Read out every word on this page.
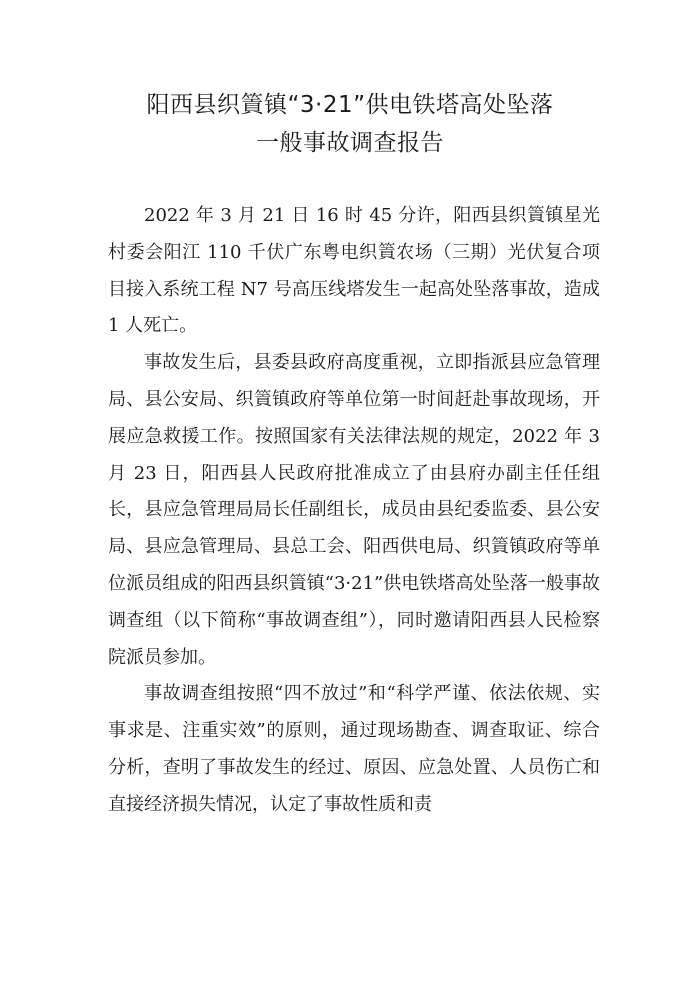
阳西县织篢镇“3·21”供电铁塔高处坠落
一般事故调查报告

2022 年 3 月 21 日 16 时 45 分许，阳西县织篢镇星光村委会阳江 110 千伏广东粤电织篢农场（三期）光伏复合项目接入系统工程 N7 号高压线塔发生一起高处坠落事故，造成 1 人死亡。

事故发生后，县委县政府高度重视，立即指派县应急管理局、县公安局、织篢镇政府等单位第一时间赶赴事故现场，开展应急救援工作。按照国家有关法律法规的规定，2022 年 3 月 23 日，阳西县人民政府批准成立了由县府办副主任任组长，县应急管理局局长任副组长，成员由县纪委监委、县公安局、县应急管理局、县总工会、阳西供电局、织篢镇政府等单位派员组成的阳西县织篢镇“3·21”供电铁塔高处坠落一般事故调查组（以下简称“事故调查组”），同时邀请阳西县人民检察院派员参加。

事故调查组按照“四不放过”和“科学严谨、依法依规、实事求是、注重实效”的原则，通过现场勘查、调查取证、综合分析，查明了事故发生的经过、原因、应急处置、人员伤亡和直接经济损失情况，认定了事故性质和责
